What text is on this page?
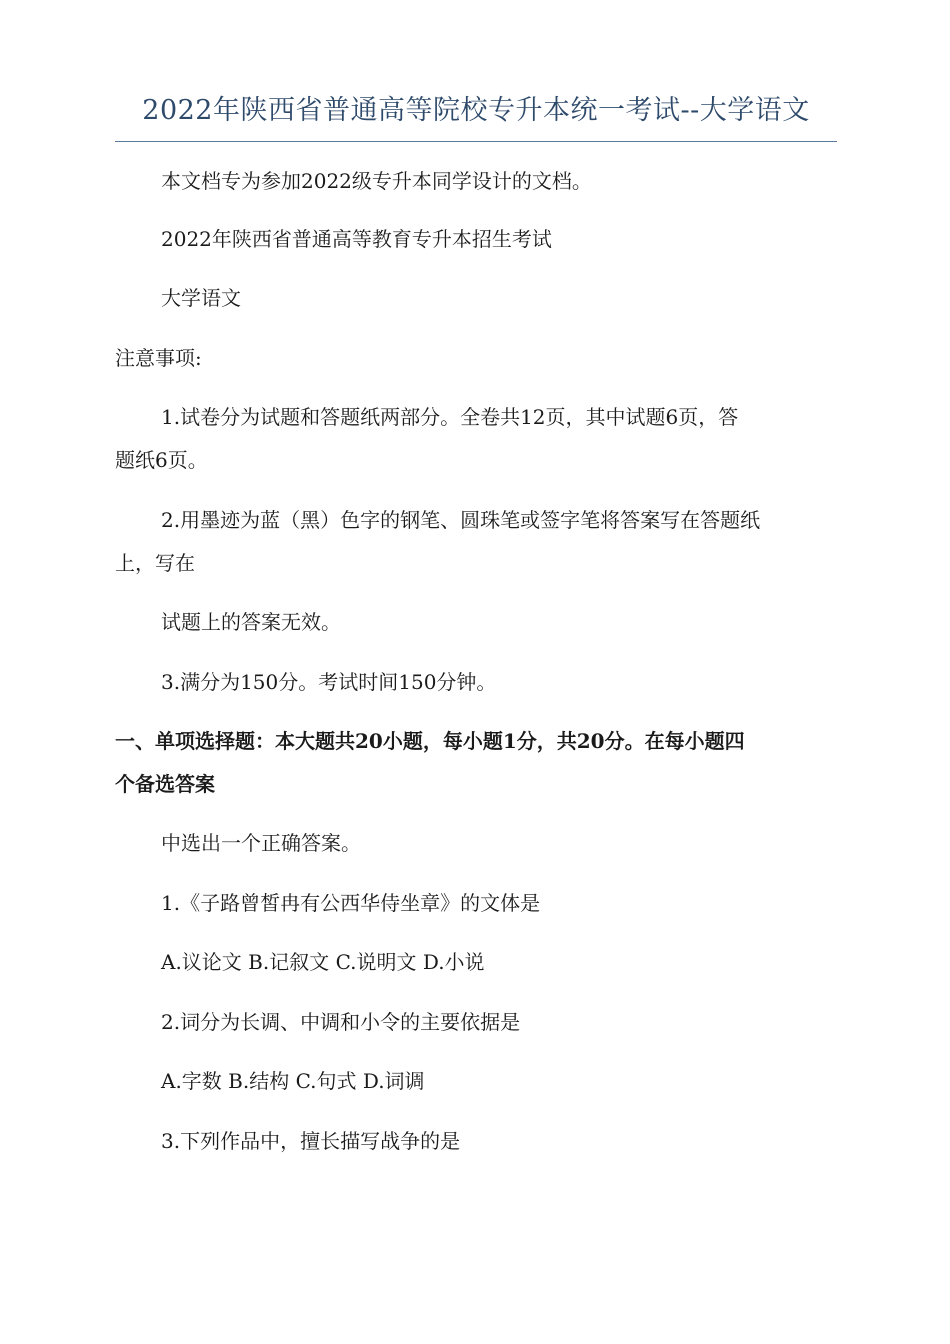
2022年陕西省普通高等院校专升本统一考试--大学语文
本文档专为参加2022级专升本同学设计的文档。
2022年陕西省普通高等教育专升本招生考试
大学语文
注意事项:
1.试卷分为试题和答题纸两部分。全卷共12页，其中试题6页，答
题纸6页。
2.用墨迹为蓝（黑）色字的钢笔、圆珠笔或签字笔将答案写在答题纸
上，写在
试题上的答案无效。
3.满分为150分。考试时间150分钟。
一、单项选择题：本大题共20小题，每小题1分，共20分。在每小题四
个备选答案
中选出一个正确答案。
1.《子路曾皙冉有公西华侍坐章》的文体是
A.议论文 B.记叙文 C.说明文 D.小说
2.词分为长调、中调和小令的主要依据是
A.字数 B.结构 C.句式 D.词调
3.下列作品中，擅长描写战争的是
